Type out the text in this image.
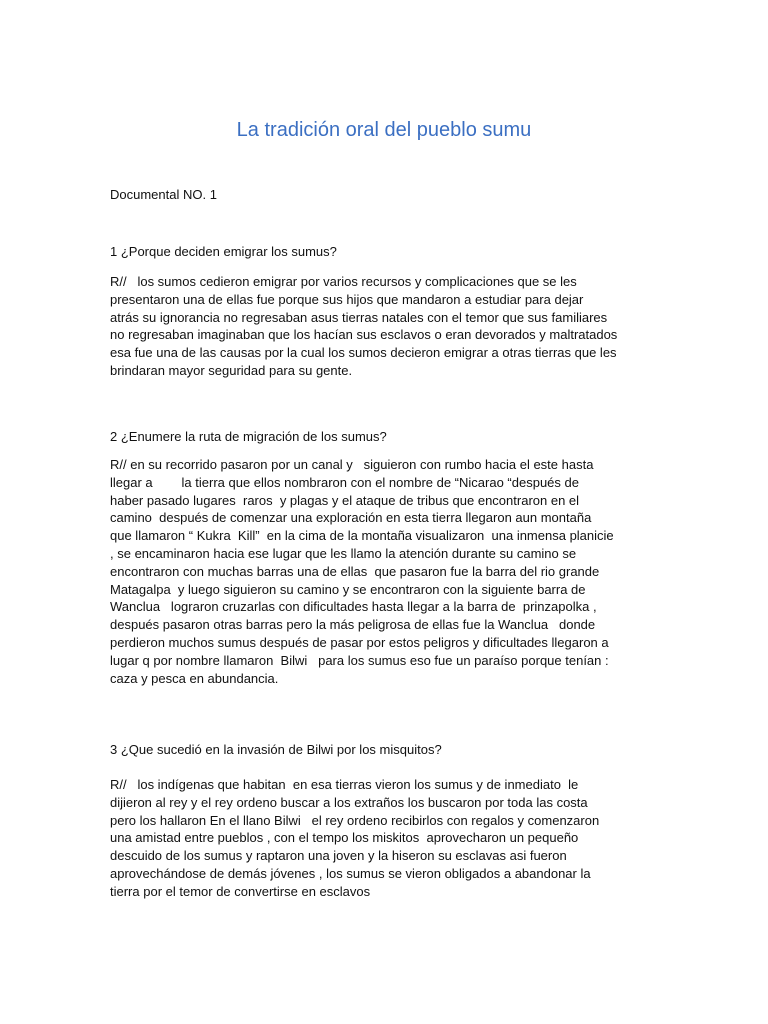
La tradición oral del pueblo sumu
Documental NO. 1
1 ¿Porque deciden emigrar los sumus?
R//   los sumos cedieron emigrar por varios recursos y complicaciones que se les
presentaron una de ellas fue porque sus hijos que mandaron a estudiar para dejar
atrás su ignorancia no regresaban asus tierras natales con el temor que sus familiares
no regresaban imaginaban que los hacían sus esclavos o eran devorados y maltratados
esa fue una de las causas por la cual los sumos decieron emigrar a otras tierras que les
brindaran mayor seguridad para su gente.
2 ¿Enumere la ruta de migración de los sumus?
R// en su recorrido pasaron por un canal y   siguieron con rumbo hacia el este hasta
llegar a        la tierra que ellos nombraron con el nombre de “Nicarao “después de
haber pasado lugares  raros  y plagas y el ataque de tribus que encontraron en el
camino  después de comenzar una exploración en esta tierra llegaron aun montaña
que llamaron “ Kukra  Kill”  en la cima de la montaña visualizaron  una inmensa planicie
, se encaminaron hacia ese lugar que les llamo la atención durante su camino se
encontraron con muchas barras una de ellas  que pasaron fue la barra del rio grande
Matagalpa  y luego siguieron su camino y se encontraron con la siguiente barra de
Wanclua   lograron cruzarlas con dificultades hasta llegar a la barra de  prinzapolka ,
después pasaron otras barras pero la más peligrosa de ellas fue la Wanclua   donde
perdieron muchos sumus después de pasar por estos peligros y dificultades llegaron a
lugar q por nombre llamaron  Bilwi   para los sumus eso fue un paraíso porque tenían :
caza y pesca en abundancia.
3 ¿Que sucedió en la invasión de Bilwi por los misquitos?
R//   los indígenas que habitan  en esa tierras vieron los sumus y de inmediato  le
dijieron al rey y el rey ordeno buscar a los extraños los buscaron por toda las costa
pero los hallaron En el llano Bilwi   el rey ordeno recibirlos con regalos y comenzaron
una amistad entre pueblos , con el tempo los miskitos  aprovecharon un pequeño
descuido de los sumus y raptaron una joven y la hiseron su esclavas asi fueron
aprovechándose de demás jóvenes , los sumus se vieron obligados a abandonar la
tierra por el temor de convertirse en esclavos
